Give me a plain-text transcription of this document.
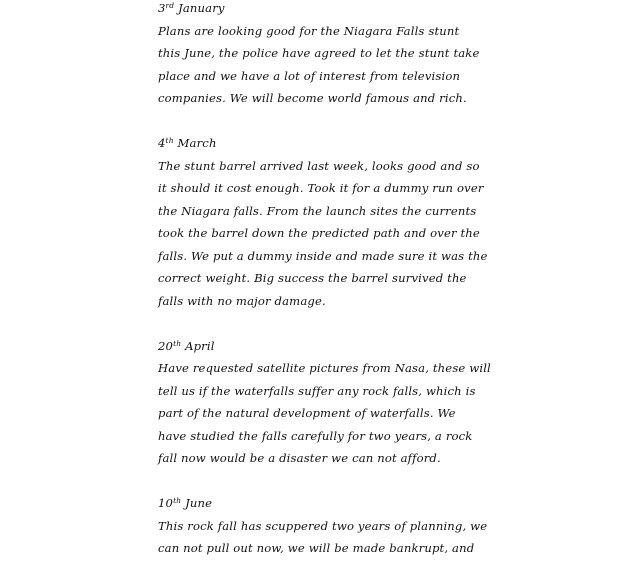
3rd January
Plans are looking good for the Niagara Falls stunt
this June, the police have agreed to let the stunt take
place and we have a lot of interest from television
companies. We will become world famous and rich.
4th March
The stunt barrel arrived last week, looks good and so
it should it cost enough. Took it for a dummy run over
the Niagara falls. From the launch sites the currents
took the barrel down the predicted path and over the
falls. We put a dummy inside and made sure it was the
correct weight. Big success the barrel survived the
falls with no major damage.
20th April
Have requested satellite pictures from Nasa, these will
tell us if the waterfalls suffer any rock falls, which is
part of the natural development of waterfalls. We
have studied the falls carefully for two years, a rock
fall now would be a disaster we can not afford.
10th June
This rock fall has scuppered two years of planning, we
can not pull out now, we will be made bankrupt, and
